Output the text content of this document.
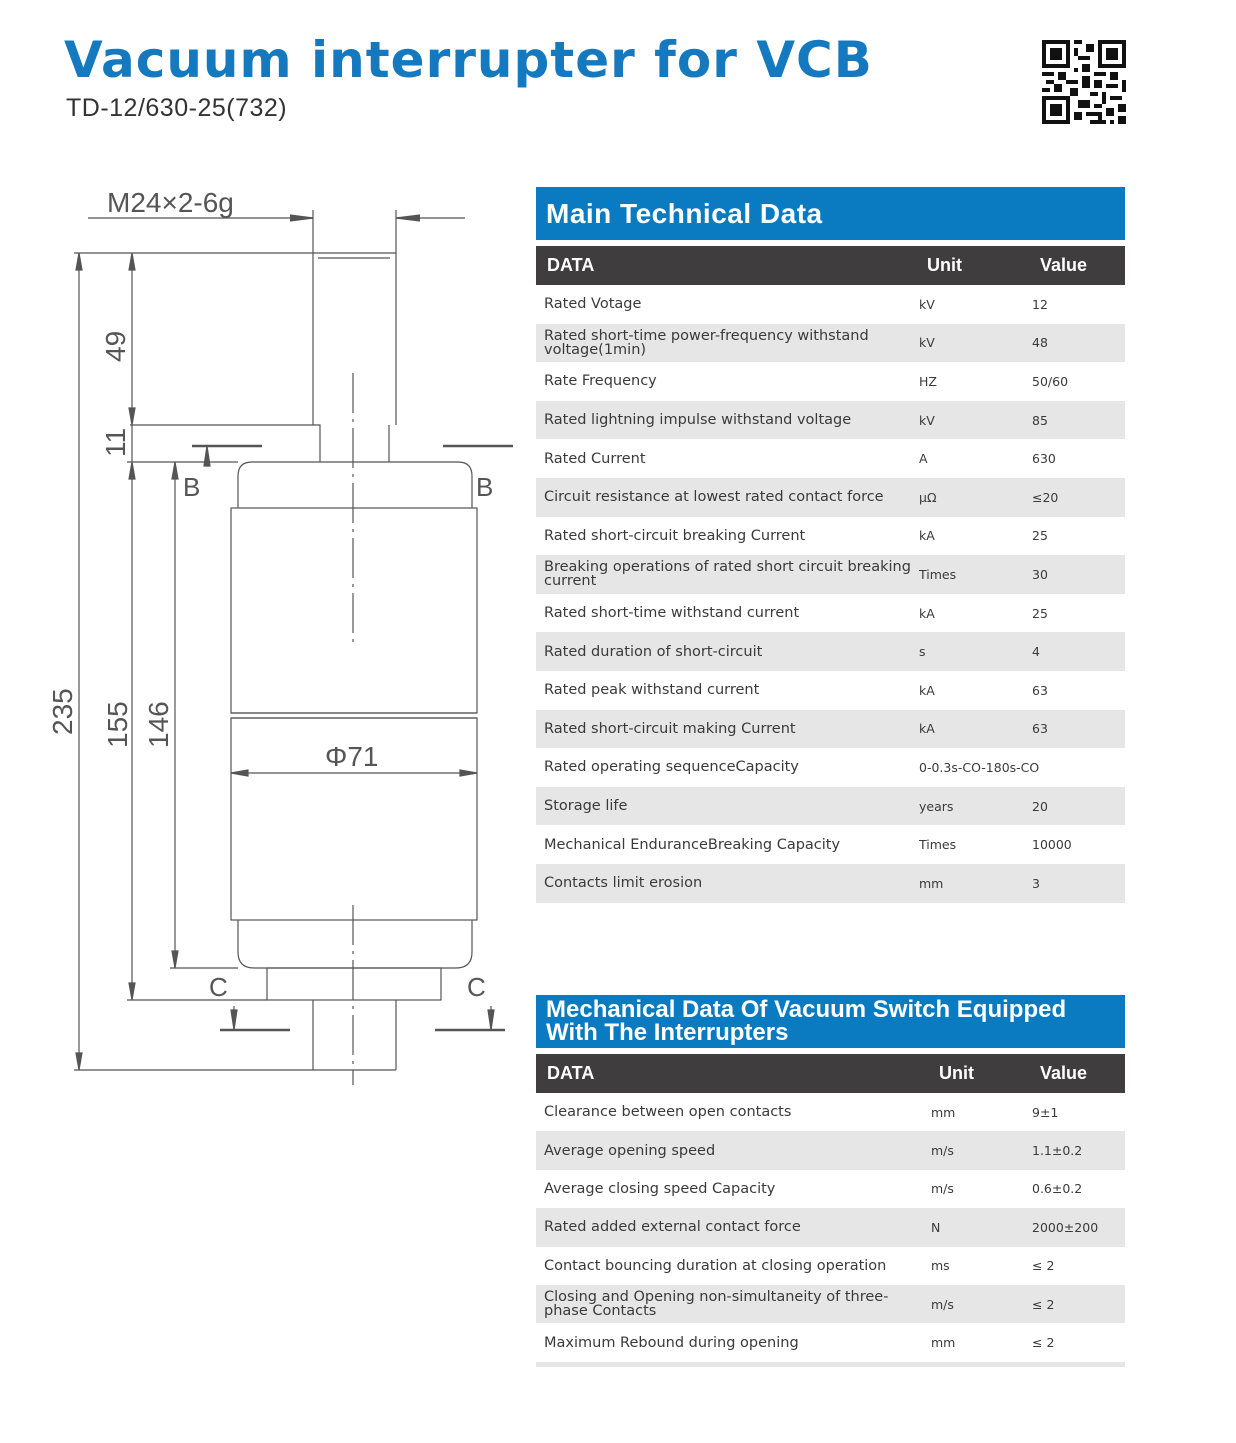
Vacuum interrupter for VCB
TD-12/630-25(732)
M24×2-6g
Φ71
B	B
C	C
235
49
11
155 146
Main Technical Data
DATA	Unit	Value
Rated Votage	kV	12
Rated short-time power-frequency withstand voltage(1min)	kV	48
Rate Frequency	HZ	50/60
Rated lightning impulse withstand voltage	kV	85
Rated Current	A	630
Circuit resistance at lowest rated contact force	μΩ	≤20
Rated short-circuit breaking Current	kA	25
Breaking operations of rated short circuit breaking current	Times	30
Rated short-time withstand current	kA	25
Rated duration of short-circuit	s	4
Rated peak withstand current	kA	63
Rated short-circuit making Current	kA	63
Rated operating sequenceCapacity	0-0.3s-CO-180s-CO	
Storage life	years	20
Mechanical EnduranceBreaking Capacity	Times	10000
Contacts limit erosion	mm	3
Mechanical Data Of Vacuum Switch Equipped
With The Interrupters
DATA	Unit	Value
Clearance between open contacts	mm	9±1
Average opening speed	m/s	1.1±0.2
Average closing speed Capacity	m/s	0.6±0.2
Rated added external contact force	N	2000±200
Contact bouncing duration at closing operation	ms	≤ 2
Closing and Opening non-simultaneity of three-phase Contacts	m/s	≤ 2
Maximum Rebound during opening	mm	≤ 2
